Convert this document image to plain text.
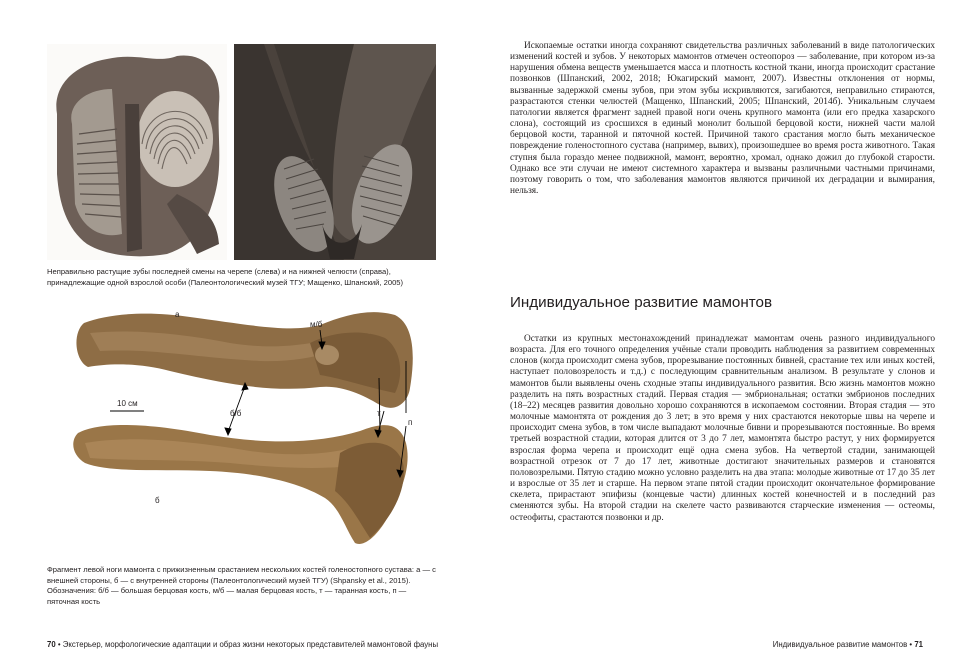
Неправильно растущие зубы последней смены на черепе (слева) и на нижней челюсти (справа), принадлежащие одной взрослой особи (Палеонтологический музей ТГУ; Мащенко, Шпанский, 2005)
а
м/б
б/б	т
п
10 см
б
Фрагмент левой ноги мамонта с прижизненным срастанием нескольких костей голеностопного сустава: а — с внешней стороны, б — с внутренней стороны (Палеонтологический музей ТГУ) (Shpansky et al., 2015). Обозначения: б/б — большая берцовая кость, м/б — малая берцовая кость, т — таранная кость, п — пяточная кость
70 • Экстерьер, морфологические адаптации и образ жизни некоторых представителей мамонтовой фауны

Ископаемые остатки иногда сохраняют свидетельства различных заболеваний в виде патологических изменений костей и зубов. У некоторых мамонтов отмечен остеопороз — заболевание, при котором из-за нарушения обмена веществ уменьшается масса и плотность костной ткани, иногда происходит срастание позвонков (Шпанский, 2002, 2018; Юкагирский мамонт, 2007). Известны отклонения от нормы, вызванные задержкой смены зубов, при этом зубы искривляются, загибаются, неправильно стираются, разрастаются стенки челюстей (Мащенко, Шпанский, 2005; Шпанский, 2014б). Уникальным случаем патологии является фрагмент задней правой ноги очень крупного мамонта (или его предка хазарского слона), состоящий из сросшихся в единый монолит большой берцовой кости, нижней части малой берцовой кости, таранной и пяточной костей. Причиной такого срастания могло быть механическое повреждение голеностопного сустава (например, вывих), произошедшее во время роста животного. Такая ступня была гораздо менее подвижной, мамонт, вероятно, хромал, однако дожил до глубокой старости. Однако все эти случаи не имеют системного характера и вызваны различными частными причинами, поэтому говорить о том, что заболевания мамонтов являются причиной их деградации и вымирания, нельзя.

Индивидуальное развитие мамонтов

Остатки из крупных местонахождений принадлежат мамонтам очень разного индивидуального возраста. Для его точного определения учёные стали проводить наблюдения за развитием современных слонов (когда происходит смена зубов, прорезывание постоянных бивней, срастание тех или иных костей, наступает половозрелость и т.д.) с последующим сравнительным анализом. В результате у слонов и мамонтов были выявлены очень сходные этапы индивидуального развития. Всю жизнь мамонтов можно разделить на пять возрастных стадий. Первая стадия — эмбриональная; остатки эмбрионов последних (18–22) месяцев развития довольно хорошо сохраняются в ископаемом состоянии. Вторая стадия — это молочные мамонтята от рождения до 3 лет; в это время у них срастаются некоторые швы на черепе и происходит смена зубов, в том числе выпадают молочные бивни и прорезываются постоянные. Во время третьей возрастной стадии, которая длится от 3 до 7 лет, мамонтята быстро растут, у них формируется взрослая форма черепа и происходит ещё одна смена зубов. На четвертой стадии, занимающей возрастной отрезок от 7 до 17 лет, животные достигают значительных размеров и становятся половозрелыми. Пятую стадию можно условно разделить на два этапа: молодые животные от 17 до 35 лет и взрослые от 35 лет и старше. На первом этапе пятой стадии происходит окончательное формирование скелета, прирастают эпифизы (концевые части) длинных костей конечностей и в последний раз сменяются зубы. На второй стадии на скелете часто развиваются старческие изменения — остеомы, остеофиты, срастаются позвонки и др.

Индивидуальное развитие мамонтов • 71
